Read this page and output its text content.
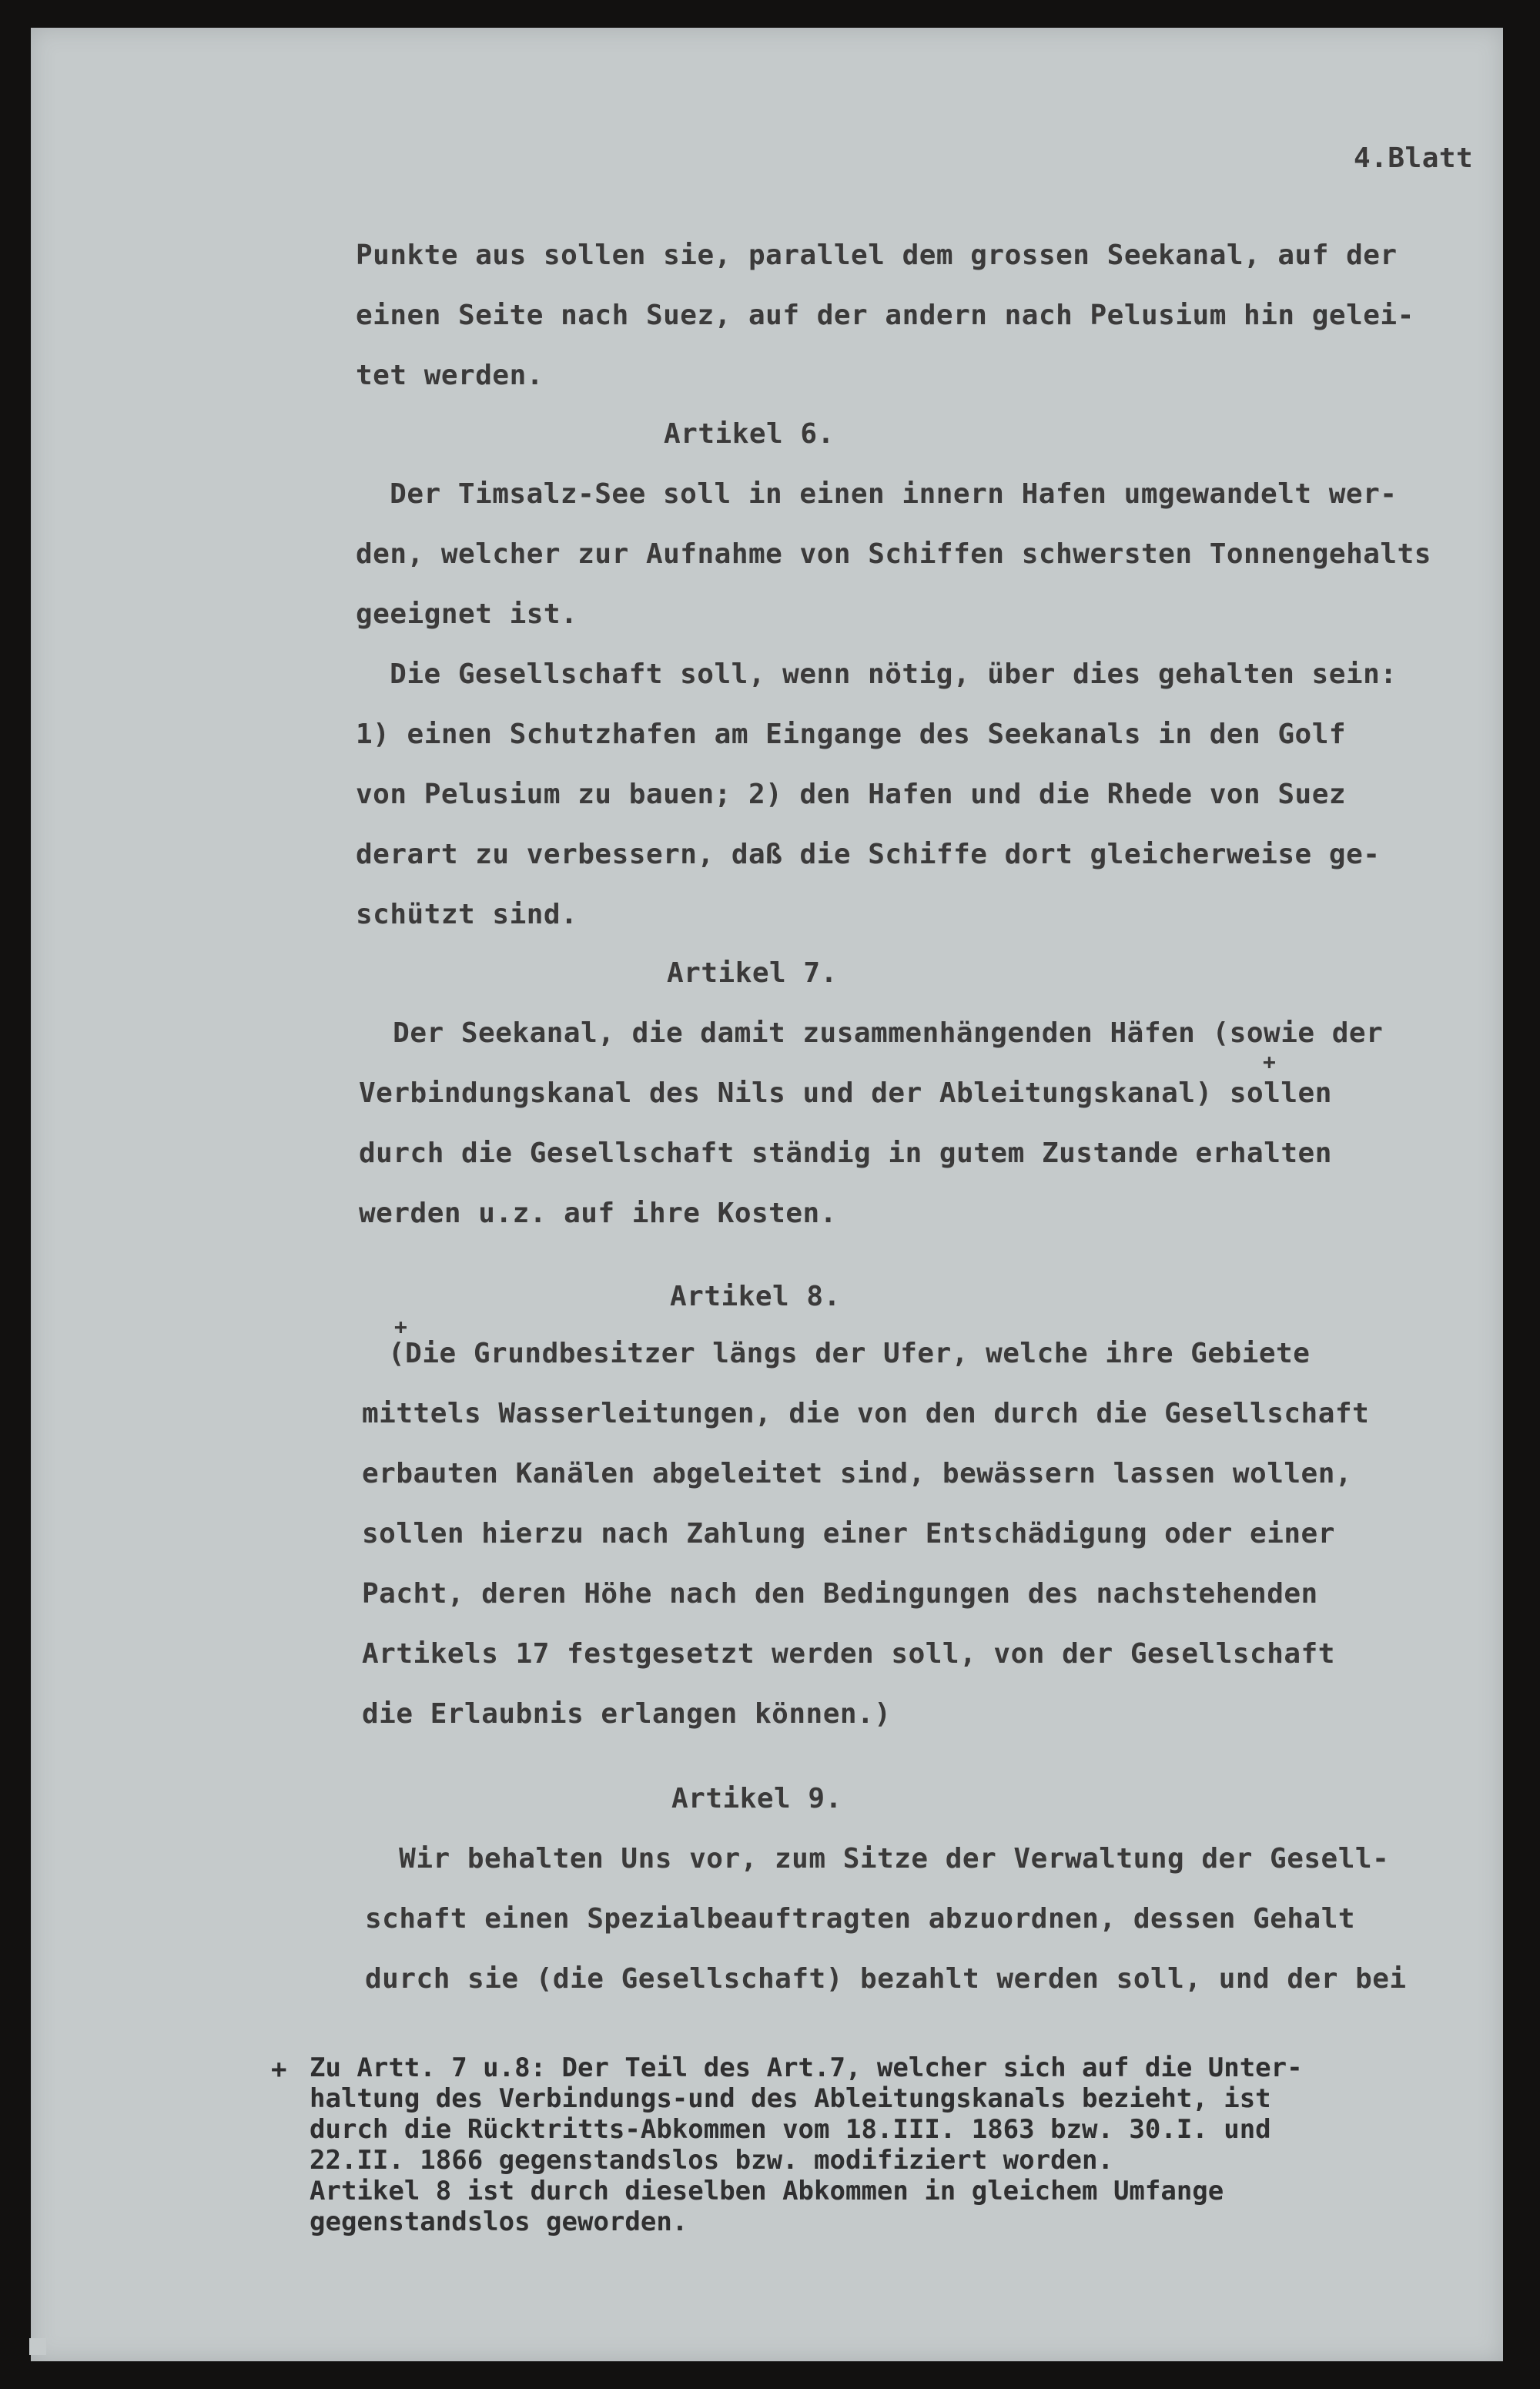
4.Blatt
Punkte aus sollen sie, parallel dem grossen Seekanal, auf der
einen Seite nach Suez, auf der andern nach Pelusium hin gelei-
tet werden.
Artikel 6.
Der Timsalz-See soll in einen innern Hafen umgewandelt wer-
den, welcher zur Aufnahme von Schiffen schwersten Tonnengehalts
geeignet ist.
Die Gesellschaft soll, wenn nötig, über dies gehalten sein:
1) einen Schutzhafen am Eingange des Seekanals in den Golf
von Pelusium zu bauen; 2) den Hafen und die Rhede von Suez
derart zu verbessern, daß die Schiffe dort gleicherweise ge-
schützt sind.
Artikel 7.
Der Seekanal, die damit zusammenhängenden Häfen (sowie der
+
Verbindungskanal des Nils und der Ableitungskanal) sollen
durch die Gesellschaft ständig in gutem Zustande erhalten
werden u.z. auf ihre Kosten.
Artikel 8.
+
(Die Grundbesitzer längs der Ufer, welche ihre Gebiete
mittels Wasserleitungen, die von den durch die Gesellschaft
erbauten Kanälen abgeleitet sind, bewässern lassen wollen,
sollen hierzu nach Zahlung einer Entschädigung oder einer
Pacht, deren Höhe nach den Bedingungen des nachstehenden
Artikels 17 festgesetzt werden soll, von der Gesellschaft
die Erlaubnis erlangen können.)
Artikel 9.
Wir behalten Uns vor, zum Sitze der Verwaltung der Gesell-
schaft einen Spezialbeauftragten abzuordnen, dessen Gehalt
durch sie (die Gesellschaft) bezahlt werden soll, und der bei
+ Zu Artt. 7 u.8: Der Teil des Art.7, welcher sich auf die Unter-
haltung des Verbindungs-und des Ableitungskanals bezieht, ist
durch die Rücktritts-Abkommen vom 18.III. 1863 bzw. 30.I. und
22.II. 1866 gegenstandslos bzw. modifiziert worden.
Artikel 8 ist durch dieselben Abkommen in gleichem Umfange
gegenstandslos geworden.
